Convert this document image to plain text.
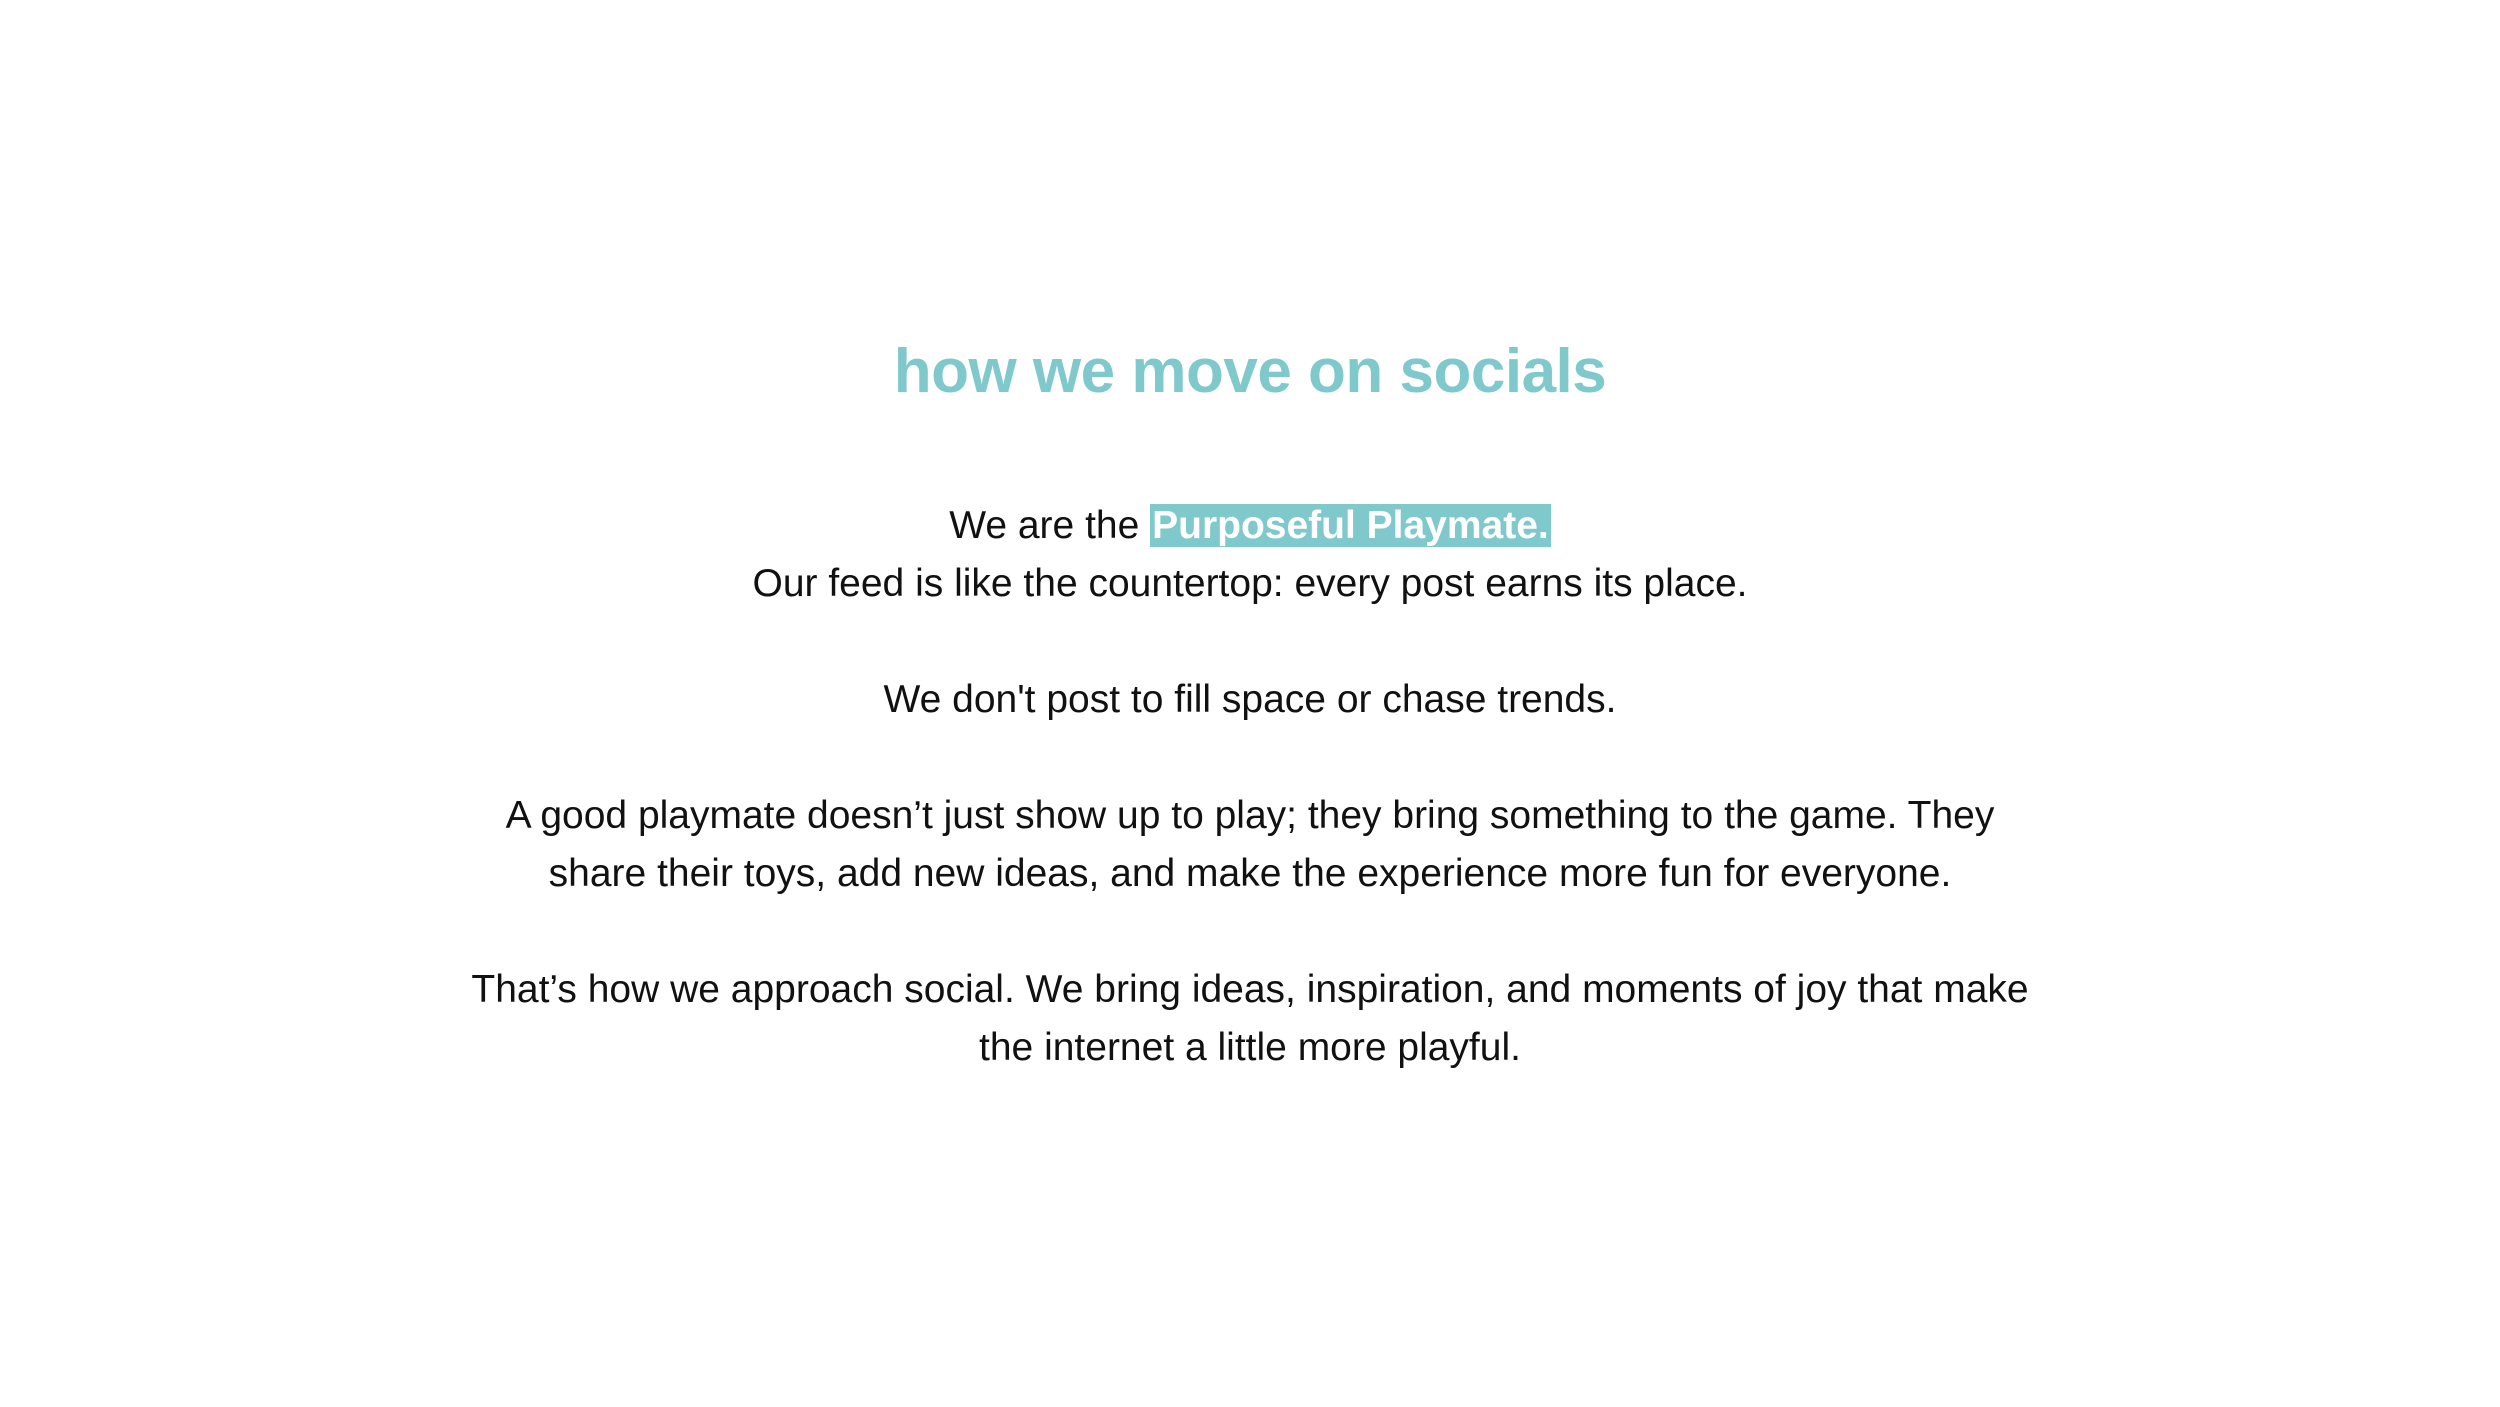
how we move on socials

We are the Purposeful Playmate.
Our feed is like the countertop: every post earns its place.

We don't post to fill space or chase trends.

A good playmate doesn’t just show up to play; they bring something to the game. They
share their toys, add new ideas, and make the experience more fun for everyone.

That’s how we approach social. We bring ideas, inspiration, and moments of joy that make
the internet a little more playful.
